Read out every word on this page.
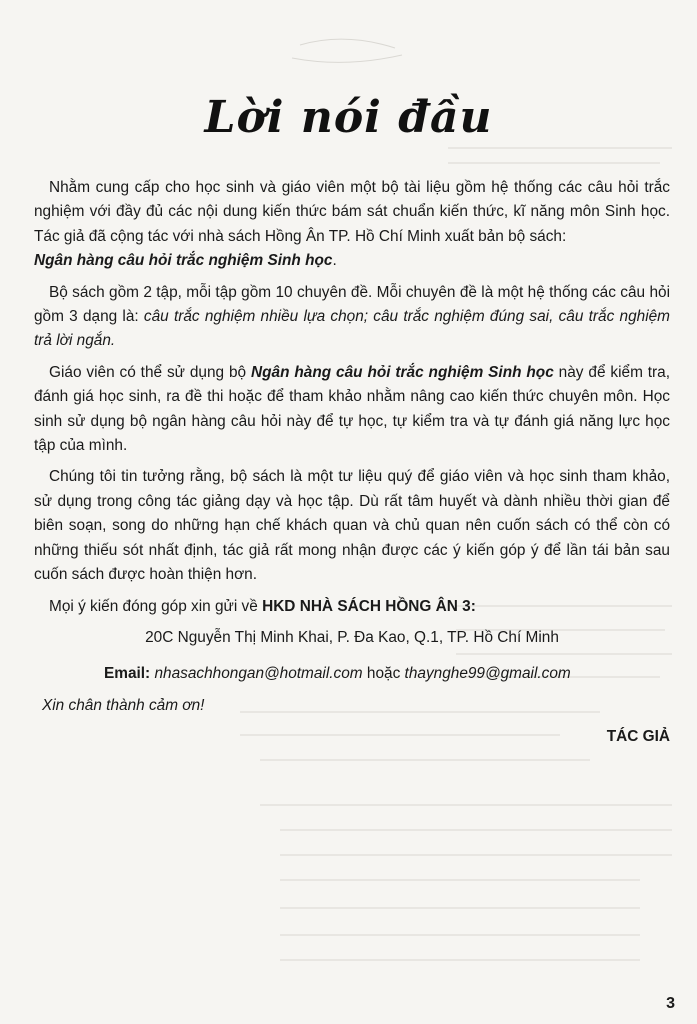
Lời nói đầu

Nhằm cung cấp cho học sinh và giáo viên một bộ tài liệu gồm hệ thống các câu hỏi trắc nghiệm với đầy đủ các nội dung kiến thức bám sát chuẩn kiến thức, kĩ năng môn Sinh học. Tác giả đã cộng tác với nhà sách Hồng Ân TP. Hồ Chí Minh xuất bản bộ sách:
Ngân hàng câu hỏi trắc nghiệm Sinh học.

Bộ sách gồm 2 tập, mỗi tập gồm 10 chuyên đề. Mỗi chuyên đề là một hệ thống các câu hỏi gồm 3 dạng là: câu trắc nghiệm nhiều lựa chọn; câu trắc nghiệm đúng sai, câu trắc nghiệm trả lời ngắn.

Giáo viên có thể sử dụng bộ Ngân hàng câu hỏi trắc nghiệm Sinh học này để kiểm tra, đánh giá học sinh, ra đề thi hoặc để tham khảo nhằm nâng cao kiến thức chuyên môn. Học sinh sử dụng bộ ngân hàng câu hỏi này để tự học, tự kiểm tra và tự đánh giá năng lực học tập của mình.

Chúng tôi tin tưởng rằng, bộ sách là một tư liệu quý để giáo viên và học sinh tham khảo, sử dụng trong công tác giảng dạy và học tập. Dù rất tâm huyết và dành nhiều thời gian để biên soạn, song do những hạn chế khách quan và chủ quan nên cuốn sách có thể còn có những thiếu sót nhất định, tác giả rất mong nhận được các ý kiến góp ý để lần tái bản sau cuốn sách được hoàn thiện hơn.

Mọi ý kiến đóng góp xin gửi về HKD NHÀ SÁCH HỒNG ÂN 3:

20C Nguyễn Thị Minh Khai, P. Đa Kao, Q.1, TP. Hồ Chí Minh

Email: nhasachhongan@hotmail.com hoặc thaynghe99@gmail.com

Xin chân thành cảm ơn!

TÁC GIẢ

3
